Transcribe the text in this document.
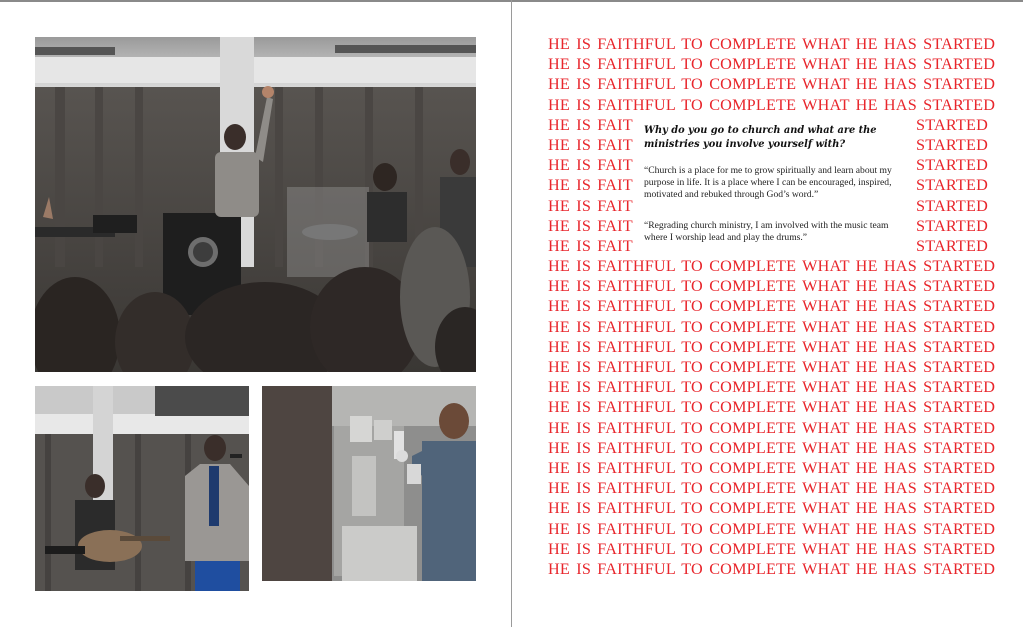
HE IS FAITHFUL TO COMPLETE WHAT HE HAS STARTED
HE IS FAITHFUL TO COMPLETE WHAT HE HAS STARTED
HE IS FAITHFUL TO COMPLETE WHAT HE HAS STARTED
HE IS FAITHFUL TO COMPLETE WHAT HE HAS STARTED
HE IS FAIT	STARTED
HE IS FAIT	STARTED
HE IS FAIT	STARTED
HE IS FAIT	STARTED
HE IS FAIT	STARTED
HE IS FAIT	STARTED
HE IS FAIT	STARTED
HE IS FAITHFUL TO COMPLETE WHAT HE HAS STARTED
HE IS FAITHFUL TO COMPLETE WHAT HE HAS STARTED
HE IS FAITHFUL TO COMPLETE WHAT HE HAS STARTED
HE IS FAITHFUL TO COMPLETE WHAT HE HAS STARTED
HE IS FAITHFUL TO COMPLETE WHAT HE HAS STARTED
HE IS FAITHFUL TO COMPLETE WHAT HE HAS STARTED
HE IS FAITHFUL TO COMPLETE WHAT HE HAS STARTED
HE IS FAITHFUL TO COMPLETE WHAT HE HAS STARTED
HE IS FAITHFUL TO COMPLETE WHAT HE HAS STARTED
HE IS FAITHFUL TO COMPLETE WHAT HE HAS STARTED
HE IS FAITHFUL TO COMPLETE WHAT HE HAS STARTED
HE IS FAITHFUL TO COMPLETE WHAT HE HAS STARTED
HE IS FAITHFUL TO COMPLETE WHAT HE HAS STARTED
HE IS FAITHFUL TO COMPLETE WHAT HE HAS STARTED
HE IS FAITHFUL TO COMPLETE WHAT HE HAS STARTED
HE IS FAITHFUL TO COMPLETE WHAT HE HAS STARTED
Why do you go to church and what are the ministries you involve yourself with?
“Church is a place for me to grow spiritually and learn about my purpose in life. It is a place where I can be encouraged, inspired, motivated and rebuked through God’s word.”
“Regrading church ministry, I am involved with the music team where I worship lead and play the drums.”
